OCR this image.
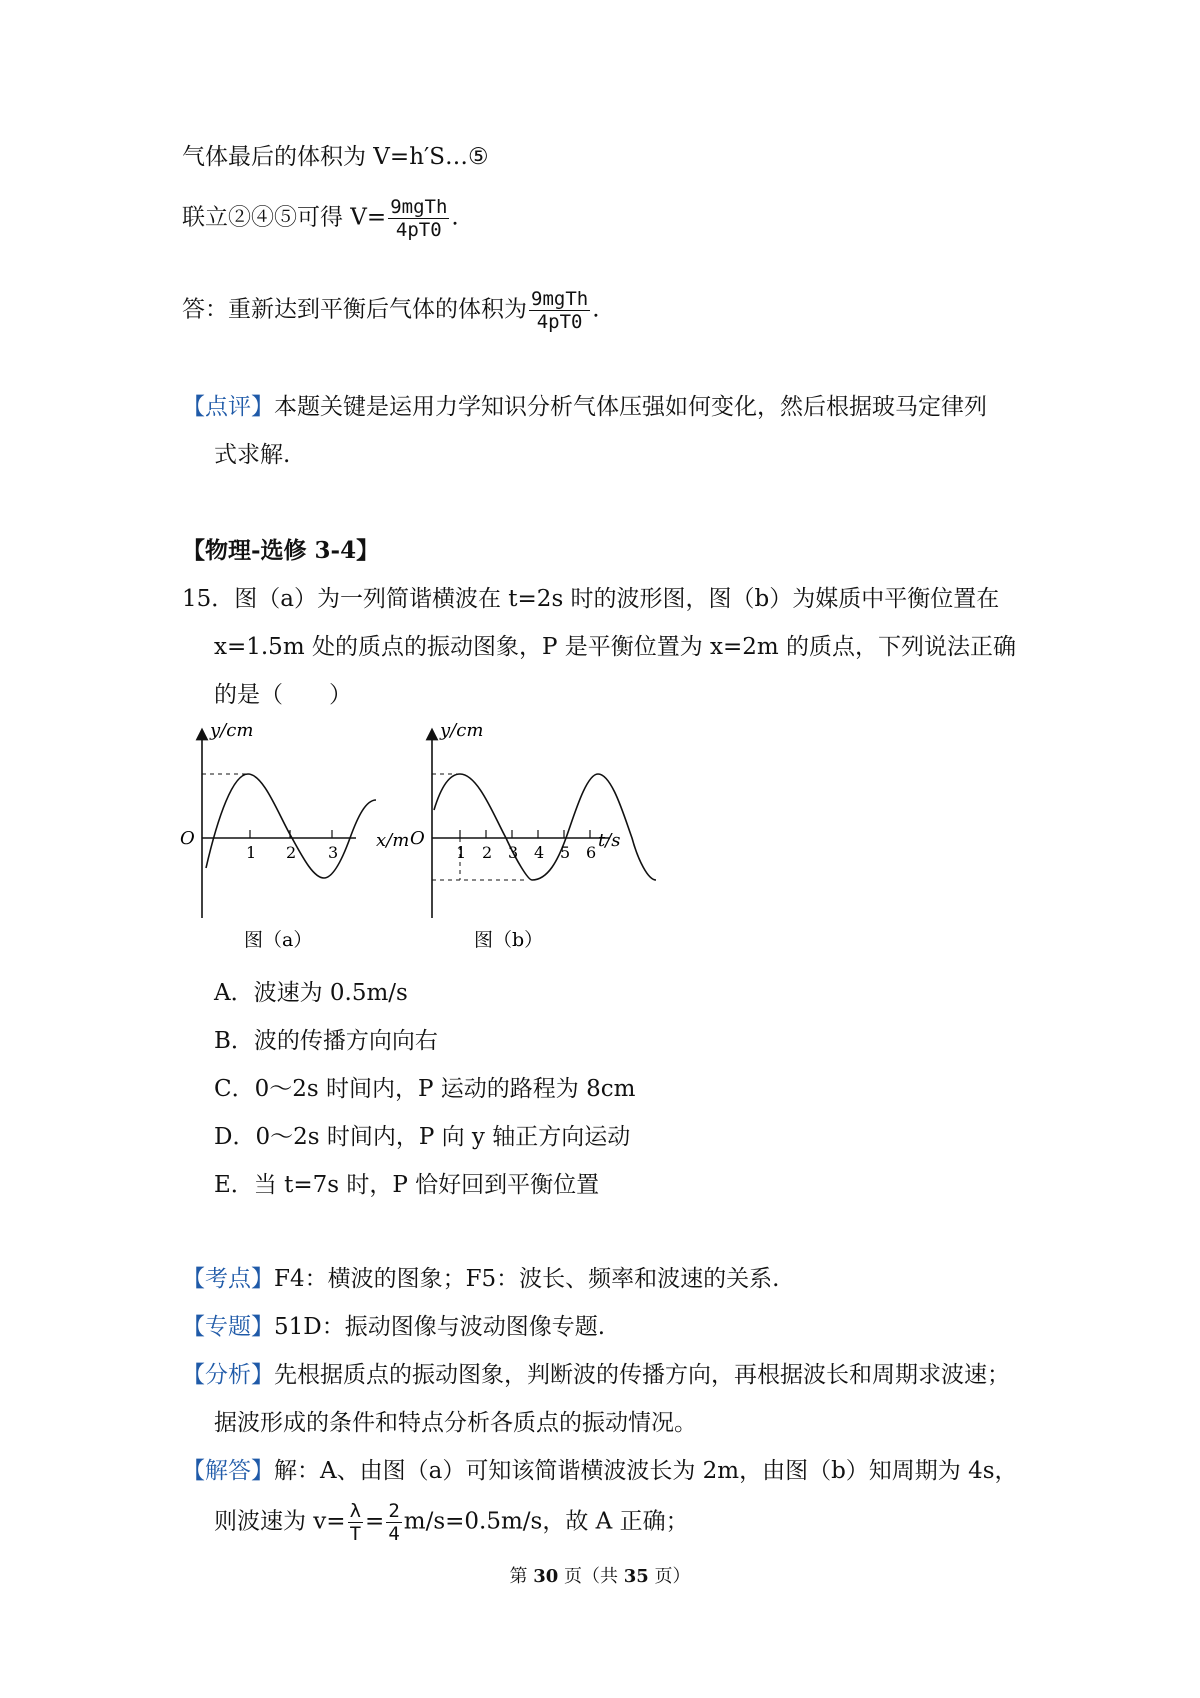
气体最后的体积为 V=h′S…⑤
联立②④⑤可得 $V= \frac{\text{9mgTh}}{4pT0}$ .
答：重新达到平衡后气体的体积为 $\frac{\text{9mgTh}}{4pT0}$ .
【点评】本题关键是运用力学知识分析气体压强如何变化，然后根据玻马定律列
式求解.
【物理-选修 3-4】
15．图（a）为一列简谐横波在 t=2s 时的波形图，图（b）为媒质中平衡位置在
x=1.5m 处的质点的振动图象，P 是平衡位置为 x=2m 的质点，下列说法正确
的是（　　）
y/cm
O
1 2 3
x/m
图（a）
y/cm
O
1 2 3 4 5 6
t/s
图（b）
A．波速为 0.5m/s
B．波的传播方向向右
C．0～2s 时间内，P 运动的路程为 8cm
D．0～2s 时间内，P 向 y 轴正方向运动
E．当 t=7s 时，P 恰好回到平衡位置
【考点】F4：横波的图象；F5：波长、频率和波速的关系.
【专题】51D：振动图像与波动图像专题.
【分析】先根据质点的振动图象，判断波的传播方向，再根据波长和周期求波速；
据波形成的条件和特点分析各质点的振动情况。
【解答】解：A、由图（a）可知该简谐横波波长为 2m，由图（b）知周期为 4s，
则波速为 $v= \frac{\lambda}{T} = \frac{2}{4} m/s=0.5m/s$，故 A 正确；
第 30 页（共 35 页）
